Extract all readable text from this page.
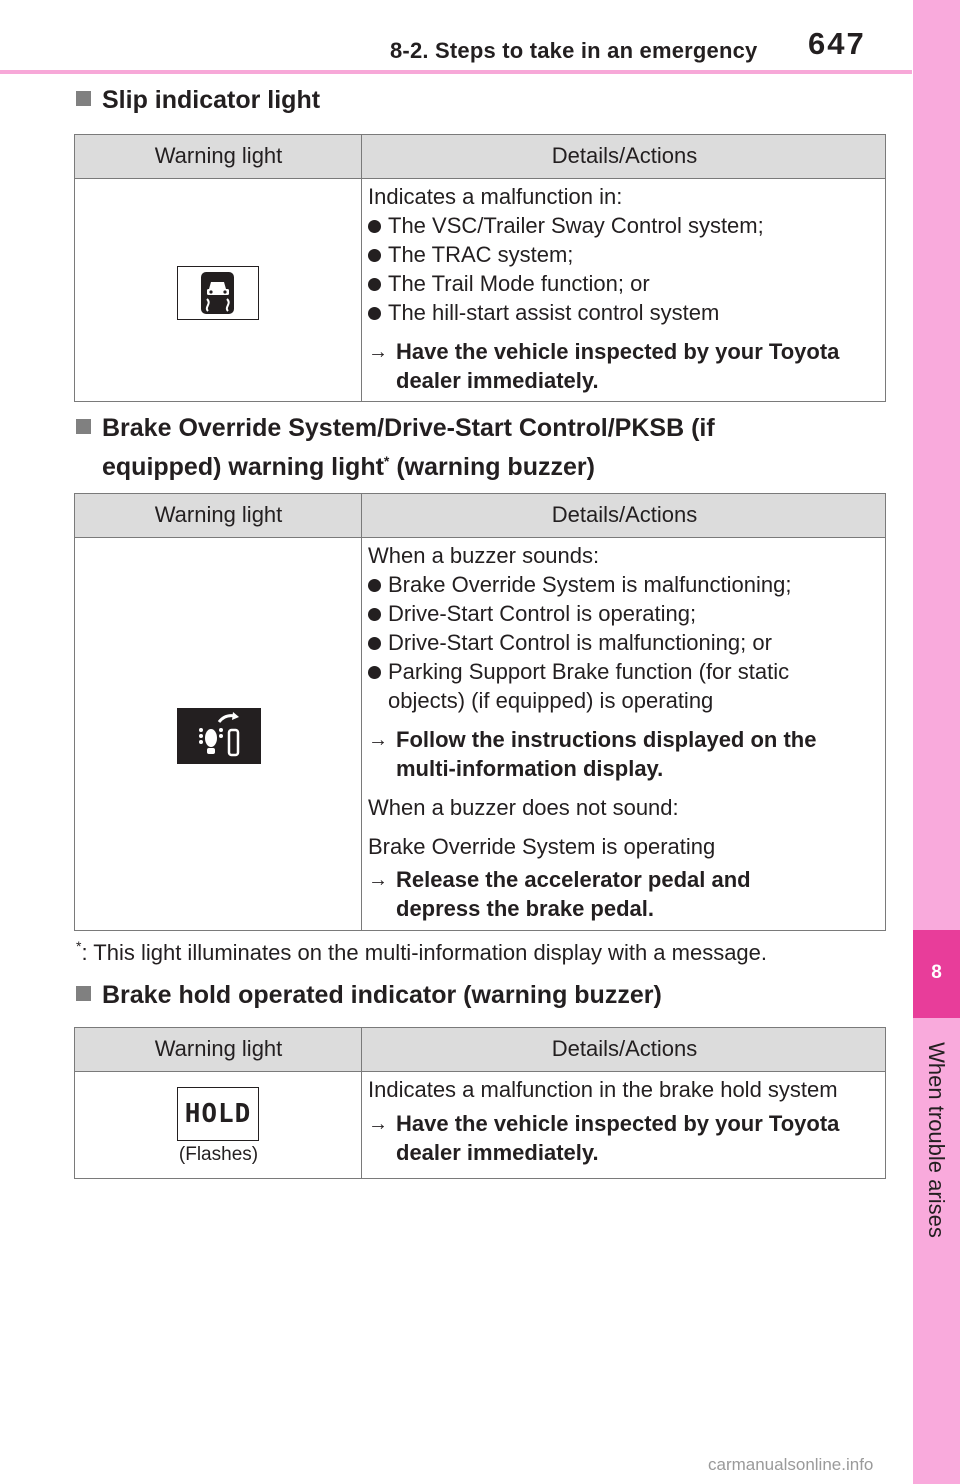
8-2. Steps to take in an emergency 647
8
When trouble arises
Slip indicator light
Warning light	Details/Actions

Indicates a malfunction in:

The VSC/Trailer Sway Control system;

The TRAC system;

The Trail Mode function; or

The hill-start assist control system

→ Have the vehicle inspected by your Toyota
dealer immediately.
Brake Override System/Drive-Start Control/PKSB (if
equipped) warning light* (warning buzzer)
Warning light	Details/Actions

When a buzzer sounds:

Brake Override System is malfunctioning;

Drive-Start Control is operating;

Drive-Start Control is malfunctioning; or

Parking Support Brake function (for static
objects) (if equipped) is operating

→ Follow the instructions displayed on the
multi-information display.

When a buzzer does not sound:

Brake Override System is operating

→ Release the accelerator pedal and
depress the brake pedal.
*: This light illuminates on the multi-information display with a message.
Brake hold operated indicator (warning buzzer)
Warning light	Details/Actions
HOLD
(Flashes)

Indicates a malfunction in the brake hold system

→ Have the vehicle inspected by your Toyota
dealer immediately.
carmanualsonline.info
